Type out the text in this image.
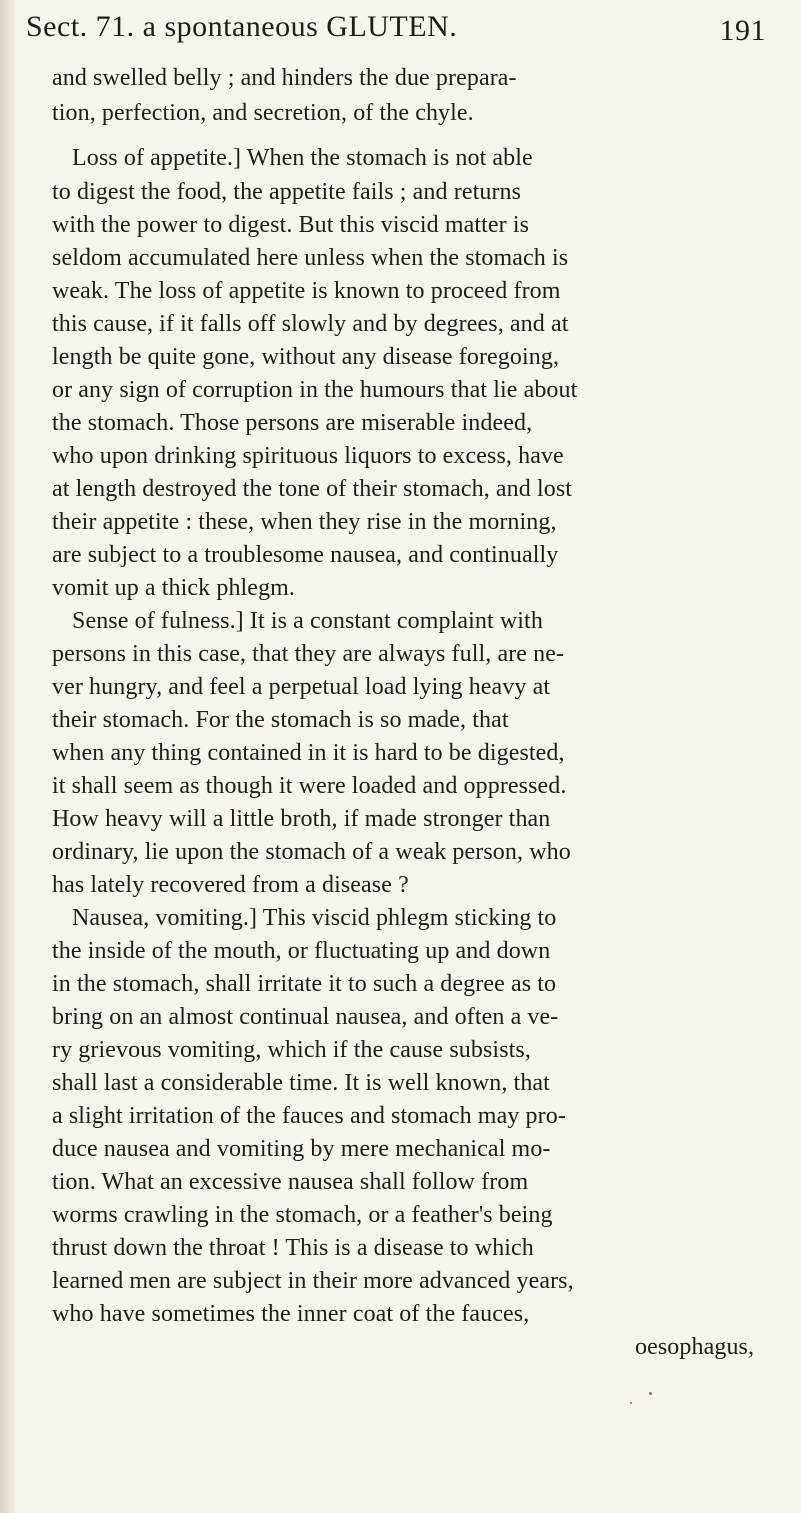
Sect. 71. a spontaneous GLUTEN.	191
and swelled belly ; and hinders the due prepara-
tion, perfection, and secretion, of the chyle.
Loss of appetite.] When the stomach is not able
to digest the food, the appetite fails ; and returns
with the power to digest. But this viscid matter is
seldom accumulated here unless when the stomach is
weak. The loss of appetite is known to proceed from
this cause, if it falls off slowly and by degrees, and at
length be quite gone, without any disease foregoing,
or any sign of corruption in the humours that lie about
the stomach. Those persons are miserable indeed,
who upon drinking spirituous liquors to excess, have
at length destroyed the tone of their stomach, and lost
their appetite : these, when they rise in the morning,
are subject to a troublesome nausea, and continually
vomit up a thick phlegm.
Sense of fulness.] It is a constant complaint with
persons in this case, that they are always full, are ne-
ver hungry, and feel a perpetual load lying heavy at
their stomach. For the stomach is so made, that
when any thing contained in it is hard to be digested,
it shall seem as though it were loaded and oppressed.
How heavy will a little broth, if made stronger than
ordinary, lie upon the stomach of a weak person, who
has lately recovered from a disease ?
Nausea, vomiting.] This viscid phlegm sticking to
the inside of the mouth, or fluctuating up and down
in the stomach, shall irritate it to such a degree as to
bring on an almost continual nausea, and often a ve-
ry grievous vomiting, which if the cause subsists,
shall last a considerable time. It is well known, that
a slight irritation of the fauces and stomach may pro-
duce nausea and vomiting by mere mechanical mo-
tion. What an excessive nausea shall follow from
worms crawling in the stomach, or a feather's being
thrust down the throat ! This is a disease to which
learned men are subject in their more advanced years,
who have sometimes the inner coat of the fauces,
oesophagus,
